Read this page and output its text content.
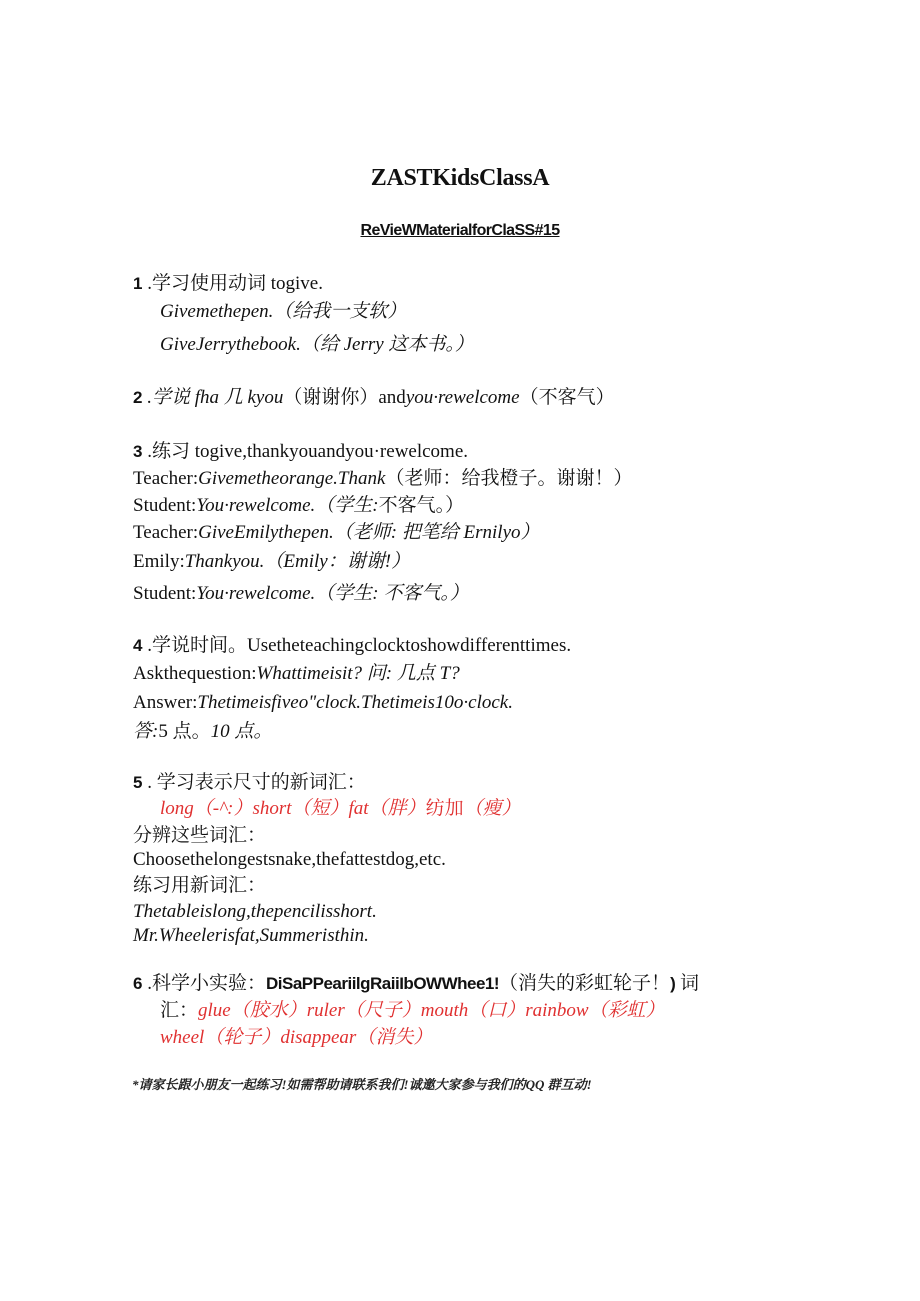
ZASTKidsClassA
ReVieWMaterialforClaSS#15
1 .学习使用动词 togive.
Givemethepen.（给我一支软）
GiveJerrythebook.（给 Jerry 这本书。）
2 .学说 fha 几 kyou（谢谢你）andyou·rewelcome（不客气）
3 .练习 togive,thankyouandyou·rewelcome.
Teacher:Givemetheorange.Thank（老师：给我橙子。谢谢！）
Student:You·rewelcome.（学生:不客气。）
Teacher:GiveEmilythepen.（老师: 把笔给 Ernilyo）
Emily:Thankyou.（Emily：谢谢!）
Student:You·rewelcome.（学生: 不客气。）
4 .学说时间。Usetheteachingclocktoshowdifferenttimes.
Askthequestion:Whattimeisit? 问: 几点 T?
Answer:Thetimeisfiveo"clock.Thetimeis10o·clock.
答:5 点。10 点。
5 . 学习表示尺寸的新词汇：
long（-^:）short（短）fat（胖）纺加（瘦）
分辨这些词汇：
Choosethelongestsnake,thefattestdog,etc.
练习用新词汇：
Thetableislong,thepencilisshort.
Mr.Wheelerisfat,Summeristhin.
6 .科学小实验：DiSaPPeariilgRaiiIbOWWhee1!（消失的彩虹轮子！) 词
汇：glue（胶水）ruler（尺子）mouth（口）rainbow（彩虹）
wheel（轮子）disappear（消失）
*请家长跟小朋友一起练习!如需帮助请联系我们!诚邀大家参与我们的QQ 群互动!
